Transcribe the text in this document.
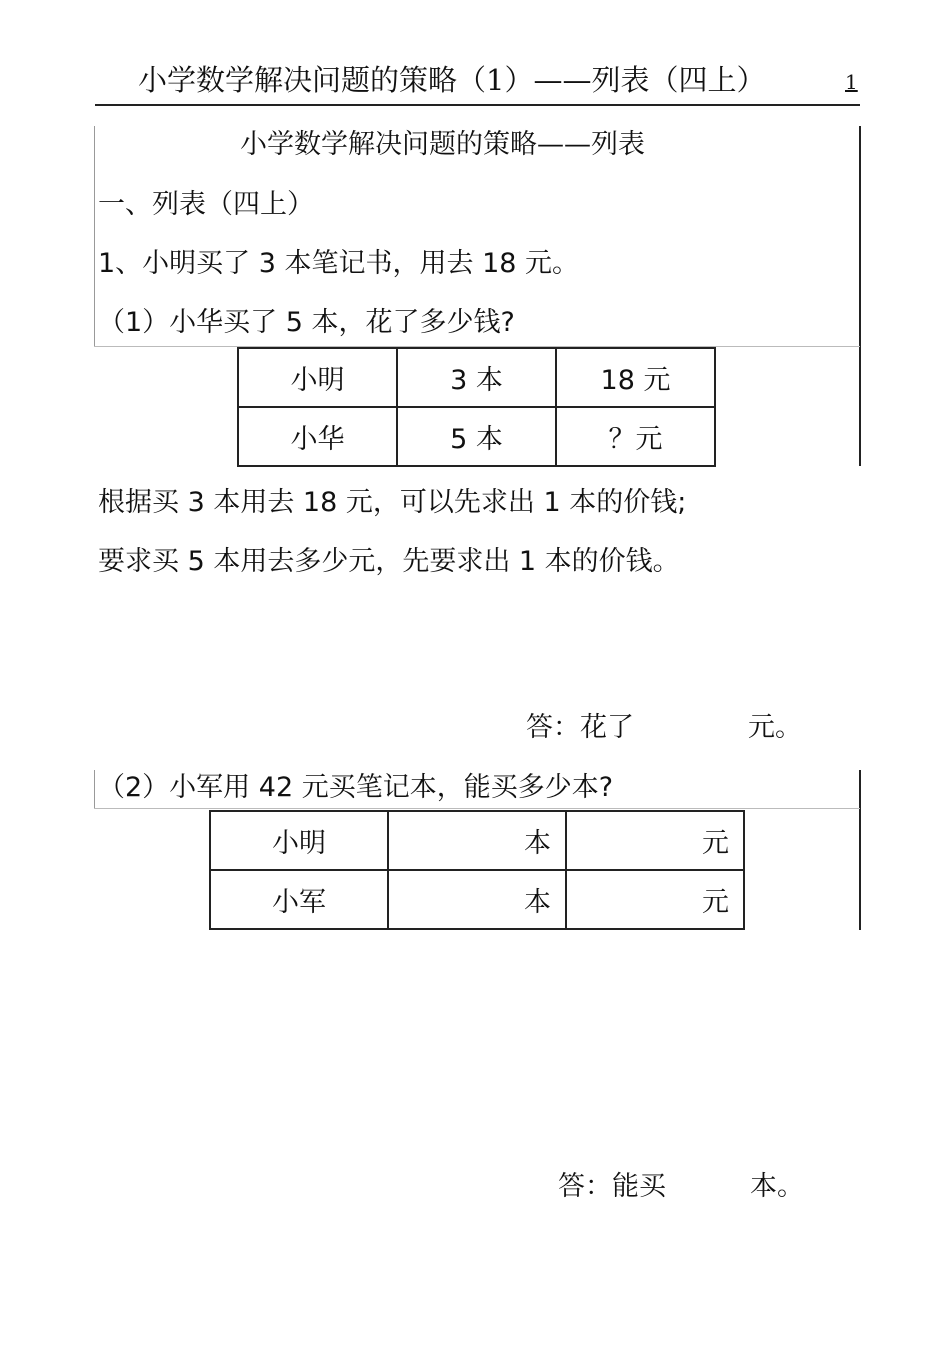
小学数学解决问题的策略（1）——列表（四上）	1
小学数学解决问题的策略——列表
一、列表（四上）
1、小明买了 3 本笔记书，用去 18 元。
（1）小华买了 5 本，花了多少钱?
小明	3 本	18 元
小华	5 本	？元
根据买 3 本用去 18 元，可以先求出 1 本的价钱;
要求买 5 本用去多少元，先要求出 1 本的价钱。
答：花了	元。
（2）小军用 42 元买笔记本，能买多少本?
小明	本	元
小军	本	元
答：能买	本。
